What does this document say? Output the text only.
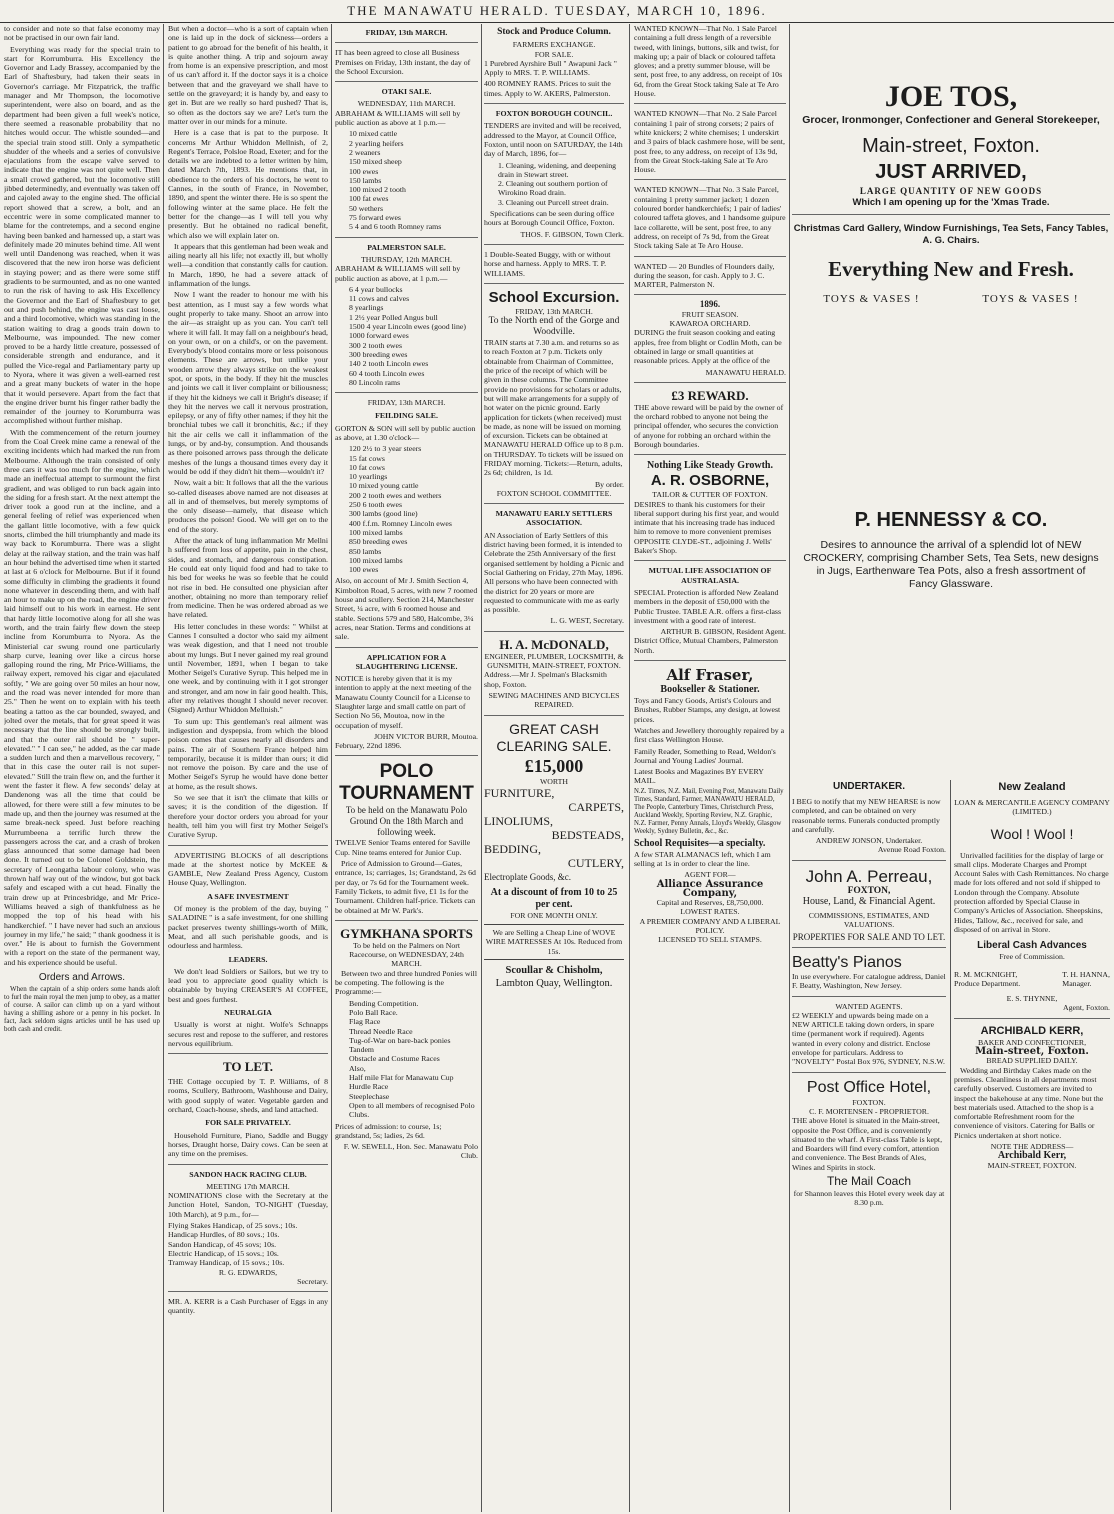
THE MANAWATU HERALD. TUESDAY, MARCH 10, 1896.

to consider and note so that false economy may not be practised in our own fair land.

Everything was ready for the special train to start for Korrumburra. His Excellency the Governor and Lady Brassey, accompanied by the Earl of Shaftesbury, had taken their seats in Governor's carriage. Mr Fitzpatrick, the traffic manager and Mr Thompson, the locomotive superintendent, were also on board, and as the department had been given a full week's notice, there seemed a reasonable probability that no hitches would occur. The whistle sounded—and the special train stood still. Only a sympathetic shudder of the wheels and a series of convulsive ejaculations from the escape valve served to indicate that the engine was not quite well. Then a small crowd gathered, but the locomotive still jibbed determinedly, and eventually was taken off and cajoled away to the engine shed. The official report showed that a screw, a bolt, and an eccentric were in some complicated manner to blame for the contretemps, and a second engine having been banked and harnessed up, a start was definitely made 20 minutes behind time. All went well until Dandenong was reached, when it was discovered that the new iron horse was deficient in staying power; and as there were some stiff gradients to be surmounted, and as no one wanted to run the risk of having to ask His Excellency the Governor and the Earl of Shaftesbury to get out and push behind, the engine was cast loose, and a third locomotive, which was standing in the station waiting to drag a goods train down to Melbourne, was impounded. The new comer proved to be a hardy little creature, possessed of considerable strength and endurance, and it pulled the Vice-regal and Parliamentary party up to Nyora, where it was given a well-earned rest and a great many buckets of water in the hope that it would persevere. Apart from the fact that the engine driver burnt his finger rather badly the remainder of the journey to Korumburra was accomplished without further mishap.

With the commencement of the return journey from the Coal Creek mine came a renewal of the exciting incidents which had marked the run from Melbourne. Although the train consisted of only three cars it was too much for the engine, which made an ineffectual attempt to surmount the first gradient, and was obliged to run back again into the siding for a fresh start. At the next attempt the driver took a good run at the incline, and a general feeling of relief was experienced when the gallant little locomotive, with a few quick snorts, climbed the hill triumphantly and made its way back to Korumburra. There was a slight delay at the railway station, and the train was half an hour behind the advertised time when it started at last at 6 o'clock for Melbourne. But if it found some difficulty in climbing the gradients it found none whatever in descending them, and with half an hour to make up on the road, the engine driver laid himself out to his work in earnest. He sent that hardy little locomotive along for all she was worth, and the train fairly flew down the steep incline from Korumburra to Nyora. As the Ministerial car swung round one particularly sharp curve, leaning over like a circus horse galloping round the ring, Mr Price-Williams, the railway expert, removed his cigar and ejaculated softly, " We are going over 50 miles an hour now, and the road was never intended for more than 25." Then he went on to explain with his teeth beating a tattoo as the car bounded, swayed, and jolted over the metals, that for great speed it was necessary that the line should be strongly built, and that the outer rail should be " super-elevated." " I can see," he added, as the car made a sudden lurch and then a marvellous recovery, " that in this case the outer rail is not super-elevated." Still the train flew on, and the further it went the faster it flew. A few seconds' delay at Dandenong was all the time that could be allowed, for there were still a few minutes to be made up, and then the journey was resumed at the same break-neck speed. Just before reaching Murrumbeena a terrific lurch threw the passengers across the car, and a crash of broken glass announced that some damage had been done. It turned out to be Colonel Goldstein, the secretary of Leongatha labour colony, who was thrown half way out of the window, but got back safely and escaped with a cut head. Finally the train drew up at Princesbridge, and Mr Price-Williams heaved a sigh of thankfulness as he mopped the top of his head with his handkerchief. " I have never had such an anxious journey in my life," he said; " thank goodness it is over." He is about to furnish the Government with a report on the state of the permanent way, and his experience should be useful.

Orders and Arrows.

When the captain of a ship orders some hands aloft to furl the main royal the men jump to obey, as a matter of course. A sailor can climb up on a yard without having a shilling ashore or a penny in his pocket. In fact, Jack seldom signs articles until he has used up both cash and credit.

But when a doctor—who is a sort of captain when one is laid up in the dock of sickness—orders a patient to go abroad for the benefit of his health, it is quite another thing. A trip and sojourn away from home is an expensive prescription, and most of us can't afford it. If the doctor says it is a choice between that and the graveyard we shall have to settle on the graveyard; it is handy by, and easy to get in. But are we really so hard pushed? That is, so often as the doctors say we are? Let's turn the matter over in our minds for a minute.

Here is a case that is pat to the purpose. It concerns Mr Arthur Whiddon Mellnish, of 2, Regent's Terrace, Polsloe Road, Exeter; and for the details we are indebted to a letter written by him, dated March 7th, 1893. He mentions that, in obedience to the orders of his doctors, he went to Cannes, in the south of France, in November, 1890, and spent the winter there. He is so spent the following winter at the same place. He felt the better for the change—as I will tell you why presently. But he obtained no radical benefit, which also we will explain later on.

It appears that this gentleman had been weak and ailing nearly all his life; not exactly ill, but wholly well—a condition that constantly calls for caution. In March, 1890, he had a severe attack of inflammation of the lungs.

Now I want the reader to honour me with his best attention, as I must say a few words what ought properly to take many. Shoot an arrow into the air—as straight up as you can. You can't tell where it will fall. It may fall on a neighbour's head, on your own, or on a child's, or on the pavement. Everybody's blood contains more or less poisonous elements. These are arrows, but unlike your wooden arrow they always strike on the weakest spot, or spots, in the body. If they hit the muscles and joints we call it liver complaint or biliousness; if they hit the kidneys we call it Bright's disease; if they hit the nerves we call it nervous prostration, epilepsy, or any of fifty other names; if they hit the bronchial tubes we call it bronchitis, &c.; if they hit the air cells we call it inflammation of the lungs, or by and-by, consumption. And thousands as there poisoned arrows pass through the delicate meshes of the lungs a thousand times every day it would be odd if they didn't hit them—wouldn't it?

Now, wait a bit: It follows that all the the various so-called diseases above named are not diseases at all in and of themselves, but merely symptoms of the only disease—namely, that disease which produces the poison! Good. We will get on to the end of the story.

After the attack of lung inflammation Mr Mellni h suffered from loss of appetite, pain in the chest, sides, and stomach, and dangerous constipation. He could eat only liquid food and had to take to his bed for weeks he was so feeble that he could not rise in bed. He consulted one physician after another, obtaining no more than temporary relief from medicine. Then he was ordered abroad as we have related.

His letter concludes in these words: " Whilst at Cannes I consulted a doctor who said my ailment was weak digestion, and that I need not trouble about my lungs. But I never gained my real ground until November, 1891, when I began to take Mother Seigel's Curative Syrup. This helped me in one week, and by continuing with it I got stronger and stronger, and am now in fair good health. This, after my relatives thought I should never recover. (Signed) Arthur Whiddon Mellnish."

To sum up: This gentleman's real ailment was indigestion and dyspepsia, from which the blood poison comes that causes nearly all disorders and pains. The air of Southern France helped him temporarily, because it is milder than ours; it did not remove the poison. By care and the use of Mother Seigel's Syrup he would have done better at home, as the result shows.

So we see that it isn't the climate that kills or saves; it is the condition of the digestion. If therefore your doctor orders you abroad for your health, tell him you will first try Mother Seigel's Curative Syrup.

ADVERTISING BLOCKS of all descriptions made at the shortest notice by McKEE & GAMBLE, New Zealand Press Agency, Custom House Quay, Wellington.

A SAFE INVESTMENT

Of money is the problem of the day, buying " SALADINE " is a safe investment, for one shilling packet preserves twenty shillings-worth of Milk, Meat, and all such perishable goods, and is odourless and harmless.

LEADERS.

We don't lead Soldiers or Sailors, but we try to lead you to appreciate good quality which is obtainable by buying CREASER'S AI COFFEE, best and goes furthest.

NEURALGIA

Usually is worst at night. Wolfe's Schnapps secures rest and repose to the sufferer, and restores nervous equilibrium.

TO LET.

THE Cottage occupied by T. P. Williams, of 8 rooms, Scullery, Bathroom, Washhouse and Dairy, with good supply of water. Vegetable garden and orchard, Coach-house, sheds, and land attached.

FOR SALE PRIVATELY.

Household Furniture, Piano, Saddle and Buggy horses, Draught horse, Dairy cows. Can be seen at any time on the premises.

SANDON HACK RACING CLUB.
MEETING 17th MARCH.

NOMINATIONS close with the Secretary at the Junction Hotel, Sandon, TO-NIGHT (Tuesday, 10th March), at 9 p.m., for—

Flying Stakes Handicap, of 25 sovs.; 10s.
Handicap Hurdles, of 80 sovs.; 10s.
Sandon Handicap, of 45 sovs; 10s.
Electric Handicap, of 15 sovs.; 10s.
Tramway Handicap, of 15 sovs.; 10s.
R. G. EDWARDS,
Secretary.

MR. A. KERR is a Cash Purchaser of Eggs in any quantity.

FRIDAY, 13th MARCH.

IT has been agreed to close all Business Premises on Friday, 13th instant, the day of the School Excursion.

OTAKI SALE.
WEDNESDAY, 11th MARCH.

ABRAHAM & WILLIAMS will sell by public auction as above at 1 p.m.—

10 mixed cattle
2 yearling heifers
2 weaners
150 mixed sheep
100 ewes
150 lambs
100 mixed 2 tooth
100 fat ewes
50 wethers
75 forward ewes
5 4 and 6 tooth Romney rams
PALMERSTON SALE.
THURSDAY, 12th MARCH.

ABRAHAM & WILLIAMS will sell by public auction as above, at 1 p.m.—

6 4 year bullocks
11 cows and calves
8 yearlings
1 2½ year Polled Angus bull
1500 4 year Lincoln ewes (good line)
1000 forward ewes
300 2 tooth ewes
300 breeding ewes
140 2 tooth Lincoln ewes
60 4 tooth Lincoln ewes
80 Lincoln rams
FRIDAY, 13th MARCH.
FEILDING SALE.

GORTON & SON will sell by public auction as above, at 1.30 o'clock—

120 2½ to 3 year steers
15 fat cows
10 fat cows
10 yearlings
10 mixed young cattle
200 2 tooth ewes and wethers
250 6 tooth ewes
300 lambs (good line)
400 f.f.m. Romney Lincoln ewes
100 mixed lambs
850 breeding ewes
850 lambs
100 mixed lambs
100 ewes

Also, on account of Mr J. Smith Section 4, Kimbolton Road, 5 acres, with new 7 roomed house and scullery. Section 214, Manchester Street, ¼ acre, with 6 roomed house and stable. Sections 579 and 580, Halcombe, 3¼ acres, near Station. Terms and conditions at sale.

APPLICATION FOR A SLAUGHTERING LICENSE.

NOTICE is hereby given that it is my intention to apply at the next meeting of the Manawatu County Council for a License to Slaughter large and small cattle on part of Section No 56, Moutoa, now in the occupation of myself.

JOHN VICTOR BURR, Moutoa.
February, 22nd 1896.
POLO TOURNAMENT
To be held on the Manawatu Polo Ground On the 18th March and following week.

TWELVE Senior Teams entered for Saville Cup. Nine teams entered for Junior Cup.

Price of Admission to Ground—Gates, entrance, 1s; carriages, 1s; Grandstand, 2s 6d per day, or 7s 6d for the Tournament week. Family Tickets, to admit five, £1 1s for the Tournament. Children half-price. Tickets can be obtained at Mr W. Park's.

GYMKHANA SPORTS
To be held on the Palmers on Nort Racecourse, on WEDNESDAY, 24th MARCH.

Between two and three hundred Ponies will be competing. The following is the Programme:—

Bending Competition.
Polo Ball Race.
Flag Race
Thread Needle Race
Tug-of-War on bare-back ponies
Tandem
Obstacle and Costume Races
Also,
Half mile Flat for Manawatu Cup
Hurdle Race
Steeplechase
Open to all members of recognised Polo Clubs.

Prices of admission: to course, 1s; grandstand, 5s; ladies, 2s 6d.

F. W. SEWELL, Hon. Sec. Manawatu Polo Club.
Stock and Produce Column.
FARMERS EXCHANGE.
FOR SALE.

1 Purebred Ayrshire Bull " Awapuni Jack " Apply to MRS. T. P. WILLIAMS.

400 ROMNEY RAMS. Prices to suit the times. Apply to W. AKERS, Palmerston.

FOXTON BOROUGH COUNCIL.

TENDERS are invited and will be received, addressed to the Mayor, at Council Office, Foxton, until noon on SATURDAY, the 14th day of March, 1896, for—

1. Cleaning, widening, and deepening drain in Stewart street.
2. Cleaning out southern portion of Wirokino Road drain.
3. Cleaning out Purcell street drain.

Specifications can be seen during office hours at Borough Council Office, Foxton.

THOS. F. GIBSON, Town Clerk.

1 Double-Seated Buggy, with or without horse and harness. Apply to MRS. T. P. WILLIAMS.

School Excursion.
FRIDAY, 13th MARCH.
To the North end of the Gorge and Woodville.

TRAIN starts at 7.30 a.m. and returns so as to reach Foxton at 7 p.m. Tickets only obtainable from Chairman of Committee, the price of the receipt of which will be given in these columns. The Committee provide no provisions for scholars or adults, but will make arrangements for a supply of hot water on the picnic ground. Early application for tickets (when received) must be made, as none will be issued on morning of excursion. Tickets can be obtained at MANAWATU HERALD Office up to 8 p.m. on THURSDAY. To tickets will be issued on FRIDAY morning. Tickets:—Return, adults, 2s 6d; children, 1s 1d.

By order.
FOXTON SCHOOL COMMITTEE.
MANAWATU EARLY SETTLERS ASSOCIATION.

AN Association of Early Settlers of this district having been formed, it is intended to Celebrate the 25th Anniversary of the first organised settlement by holding a Picnic and Social Gathering on Friday, 27th May, 1896. All persons who have been connected with the district for 20 years or more are requested to communicate with me as early as possible.

L. G. WEST, Secretary.
H. A. McDONALD,
ENGINEER, PLUMBER, LOCKSMITH, & GUNSMITH, MAIN-STREET, FOXTON.

Address.—Mr J. Spelman's Blacksmith shop, Foxton.

SEWING MACHINES AND BICYCLES REPAIRED.
GREAT CASH CLEARING SALE.
£15,000
WORTH
FURNITURE,
CARPETS,
LINOLIUMS,
BEDSTEADS,
BEDDING,
CUTLERY,
Electroplate Goods, &c.
At a discount of from 10 to 25 per cent.
FOR ONE MONTH ONLY.
We are Selling a Cheap Line of WOVE WIRE MATRESSES At 10s. Reduced from 15s.
Scoullar & Chisholm,
Lambton Quay, Wellington.

WANTED KNOWN—That No. 1 Sale Parcel containing a full dress length of a reversible tweed, with linings, buttons, silk and twist, for making up; a pair of black or coloured taffeta gloves; and a pretty summer blouse, will be sent, post free, to any address, on receipt of 10s 6d, from the Great Stock taking Sale at Te Aro House.

WANTED KNOWN—That No. 2 Sale Parcel containing 1 pair of strong corsets; 2 pairs of white knickers; 2 white chemises; 1 underskirt and 3 pairs of black cashmere hose, will be sent, post free, to any address, on receipt of 13s 9d, from the Great Stock-taking Sale at Te Aro House.

WANTED KNOWN—That No. 3 Sale Parcel, containing 1 pretty summer jacket; 1 dozen coloured border handkerchiefs; 1 pair of ladies' coloured taffeta gloves, and 1 handsome guipure lace collarette, will be sent, post free, to any address, on receipt of 7s 9d, from the Great Stock taking Sale at Te Aro House.

WANTED — 20 Bundles of Flounders daily, during the season, for cash. Apply to J. C. MARTER, Palmerston N.

1896.
FRUIT SEASON.
KAWAROA ORCHARD.

DURING the fruit season cooking and eating apples, free from blight or Codlin Moth, can be obtained in large or small quantities at reasonable prices. Apply at the office of the

MANAWATU HERALD.
£3 REWARD.

THE above reward will be paid by the owner of the orchard robbed to anyone not being the principal offender, who secures the conviction of anyone for robbing an orchard within the Borough boundaries.

Nothing Like Steady Growth.
A. R. OSBORNE,
TAILOR & CUTTER OF FOXTON.

DESIRES to thank his customers for their liberal support during his first year, and would intimate that his increasing trade has induced him to remove to more convenient premises OPPOSITE CLYDE-ST., adjoining J. Wells' Baker's Shop.

MUTUAL LIFE ASSOCIATION OF AUSTRALASIA.

SPECIAL Protection is afforded New Zealand members in the deposit of £50,000 with the Public Trustee. TABLE A.R. offers a first-class investment with a good rate of interest.

ARTHUR B. GIBSON, Resident Agent.
District Office, Mutual Chambers, Palmerston North.
Alf Fraser,
Bookseller & Stationer.

Toys and Fancy Goods, Artist's Colours and Brushes, Rubber Stamps, any design, at lowest prices.

Watches and Jewellery thoroughly repaired by a first class Wellington House.

Family Reader, Something to Read, Weldon's Journal and Young Ladies' Journal.

Latest Books and Magazines BY EVERY MAIL.

N.Z. Times, N.Z. Mail, Evening Post, Manawatu Daily Times, Standard, Farmer, MANAWATU HERALD, The People, Canterbury Times, Christchurch Press, Auckland Weekly, Sporting Review, N.Z. Graphic, N.Z. Farmer, Penny Annals, Lloyd's Weekly, Glasgow Weekly, Sydney Bulletin, &c., &c.

School Requisites—a specialty.

A few STAR ALMANACS left, which I am selling at 1s in order to clear the line.

AGENT FOR—
Alliance Assurance Company,
Capital and Reserves, £8,750,000.
LOWEST RATES.
A PREMIER COMPANY AND A LIBERAL POLICY.
LICENSED TO SELL STAMPS.
JOE TOS,
Grocer, Ironmonger, Confectioner and General Storekeeper,
Main-street, Foxton.
JUST ARRIVED,
LARGE QUANTITY OF NEW GOODS
Which I am opening up for the 'Xmas Trade.
Christmas Card Gallery, Window Furnishings, Tea Sets, Fancy Tables, A. G. Chairs.
Everything New and Fresh.
TOYS & VASES !	TOYS & VASES !
P. HENNESSY & CO.
Desires to announce the arrival of a splendid lot of NEW CROCKERY, comprising Chamber Sets, Tea Sets, new designs in Jugs, Earthenware Tea Pots, also a fresh assortment of Fancy Glassware.
UNDERTAKER.

I BEG to notify that my NEW HEARSE is now completed, and can be obtained on very reasonable terms. Funerals conducted promptly and carefully.

ANDREW JONSON, Undertaker.
Avenue Road Foxton.
John A. Perreau,
FOXTON,
House, Land, & Financial Agent.
COMMISSIONS, ESTIMATES, AND VALUATIONS.
PROPERTIES FOR SALE AND TO LET.
Beatty's Pianos

In use everywhere. For catalogue address, Daniel F. Beatty, Washington, New Jersey.

WANTED AGENTS.

£2 WEEKLY and upwards being made on a NEW ARTICLE taking down orders, in spare time (permanent work if required). Agents wanted in every colony and district. Enclose envelope for particulars. Address to "NOVELTY" Postal Box 976, SYDNEY, N.S.W.

Post Office Hotel,
FOXTON.
C. F. MORTENSEN - PROPRIETOR.

THE above Hotel is situated in the Main-street, opposite the Post Office, and is conveniently situated to the wharf. A First-class Table is kept, and Boarders will find every comfort, attention and convenience. The Best Brands of Ales, Wines and Spirits in stock.

The Mail Coach
for Shannon leaves this Hotel every week day at 8.30 p.m.
New Zealand
LOAN & MERCANTILE AGENCY COMPANY (LIMITED.)
Wool ! Wool !

Unrivalled facilities for the display of large or small clips. Moderate Charges and Prompt Account Sales with Cash Remittances. No charge made for lots offered and not sold if shipped to London through the Company. Absolute protection afforded by Special Clause in Company's Articles of Association. Sheepskins, Hides, Tallow, &c., received for sale, and disposed of on arrival in Store.

Liberal Cash Advances
Free of Commission.
R. M. MCKNIGHT,
Produce Department.
T. H. HANNA,
Manager.
E. S. THYNNE,
Agent, Foxton.
ARCHIBALD KERR,
BAKER AND CONFECTIONER,
Main-street, Foxton.
BREAD SUPPLIED DAILY.

Wedding and Birthday Cakes made on the premises. Cleanliness in all departments most carefully observed. Customers are invited to inspect the bakehouse at any time. None but the best materials used. Attached to the shop is a comfortable Refreshment room for the convenience of visitors. Catering for Balls or Picnics undertaken at short notice.

NOTE THE ADDRESS—
Archibald Kerr,
MAIN-STREET, FOXTON.
